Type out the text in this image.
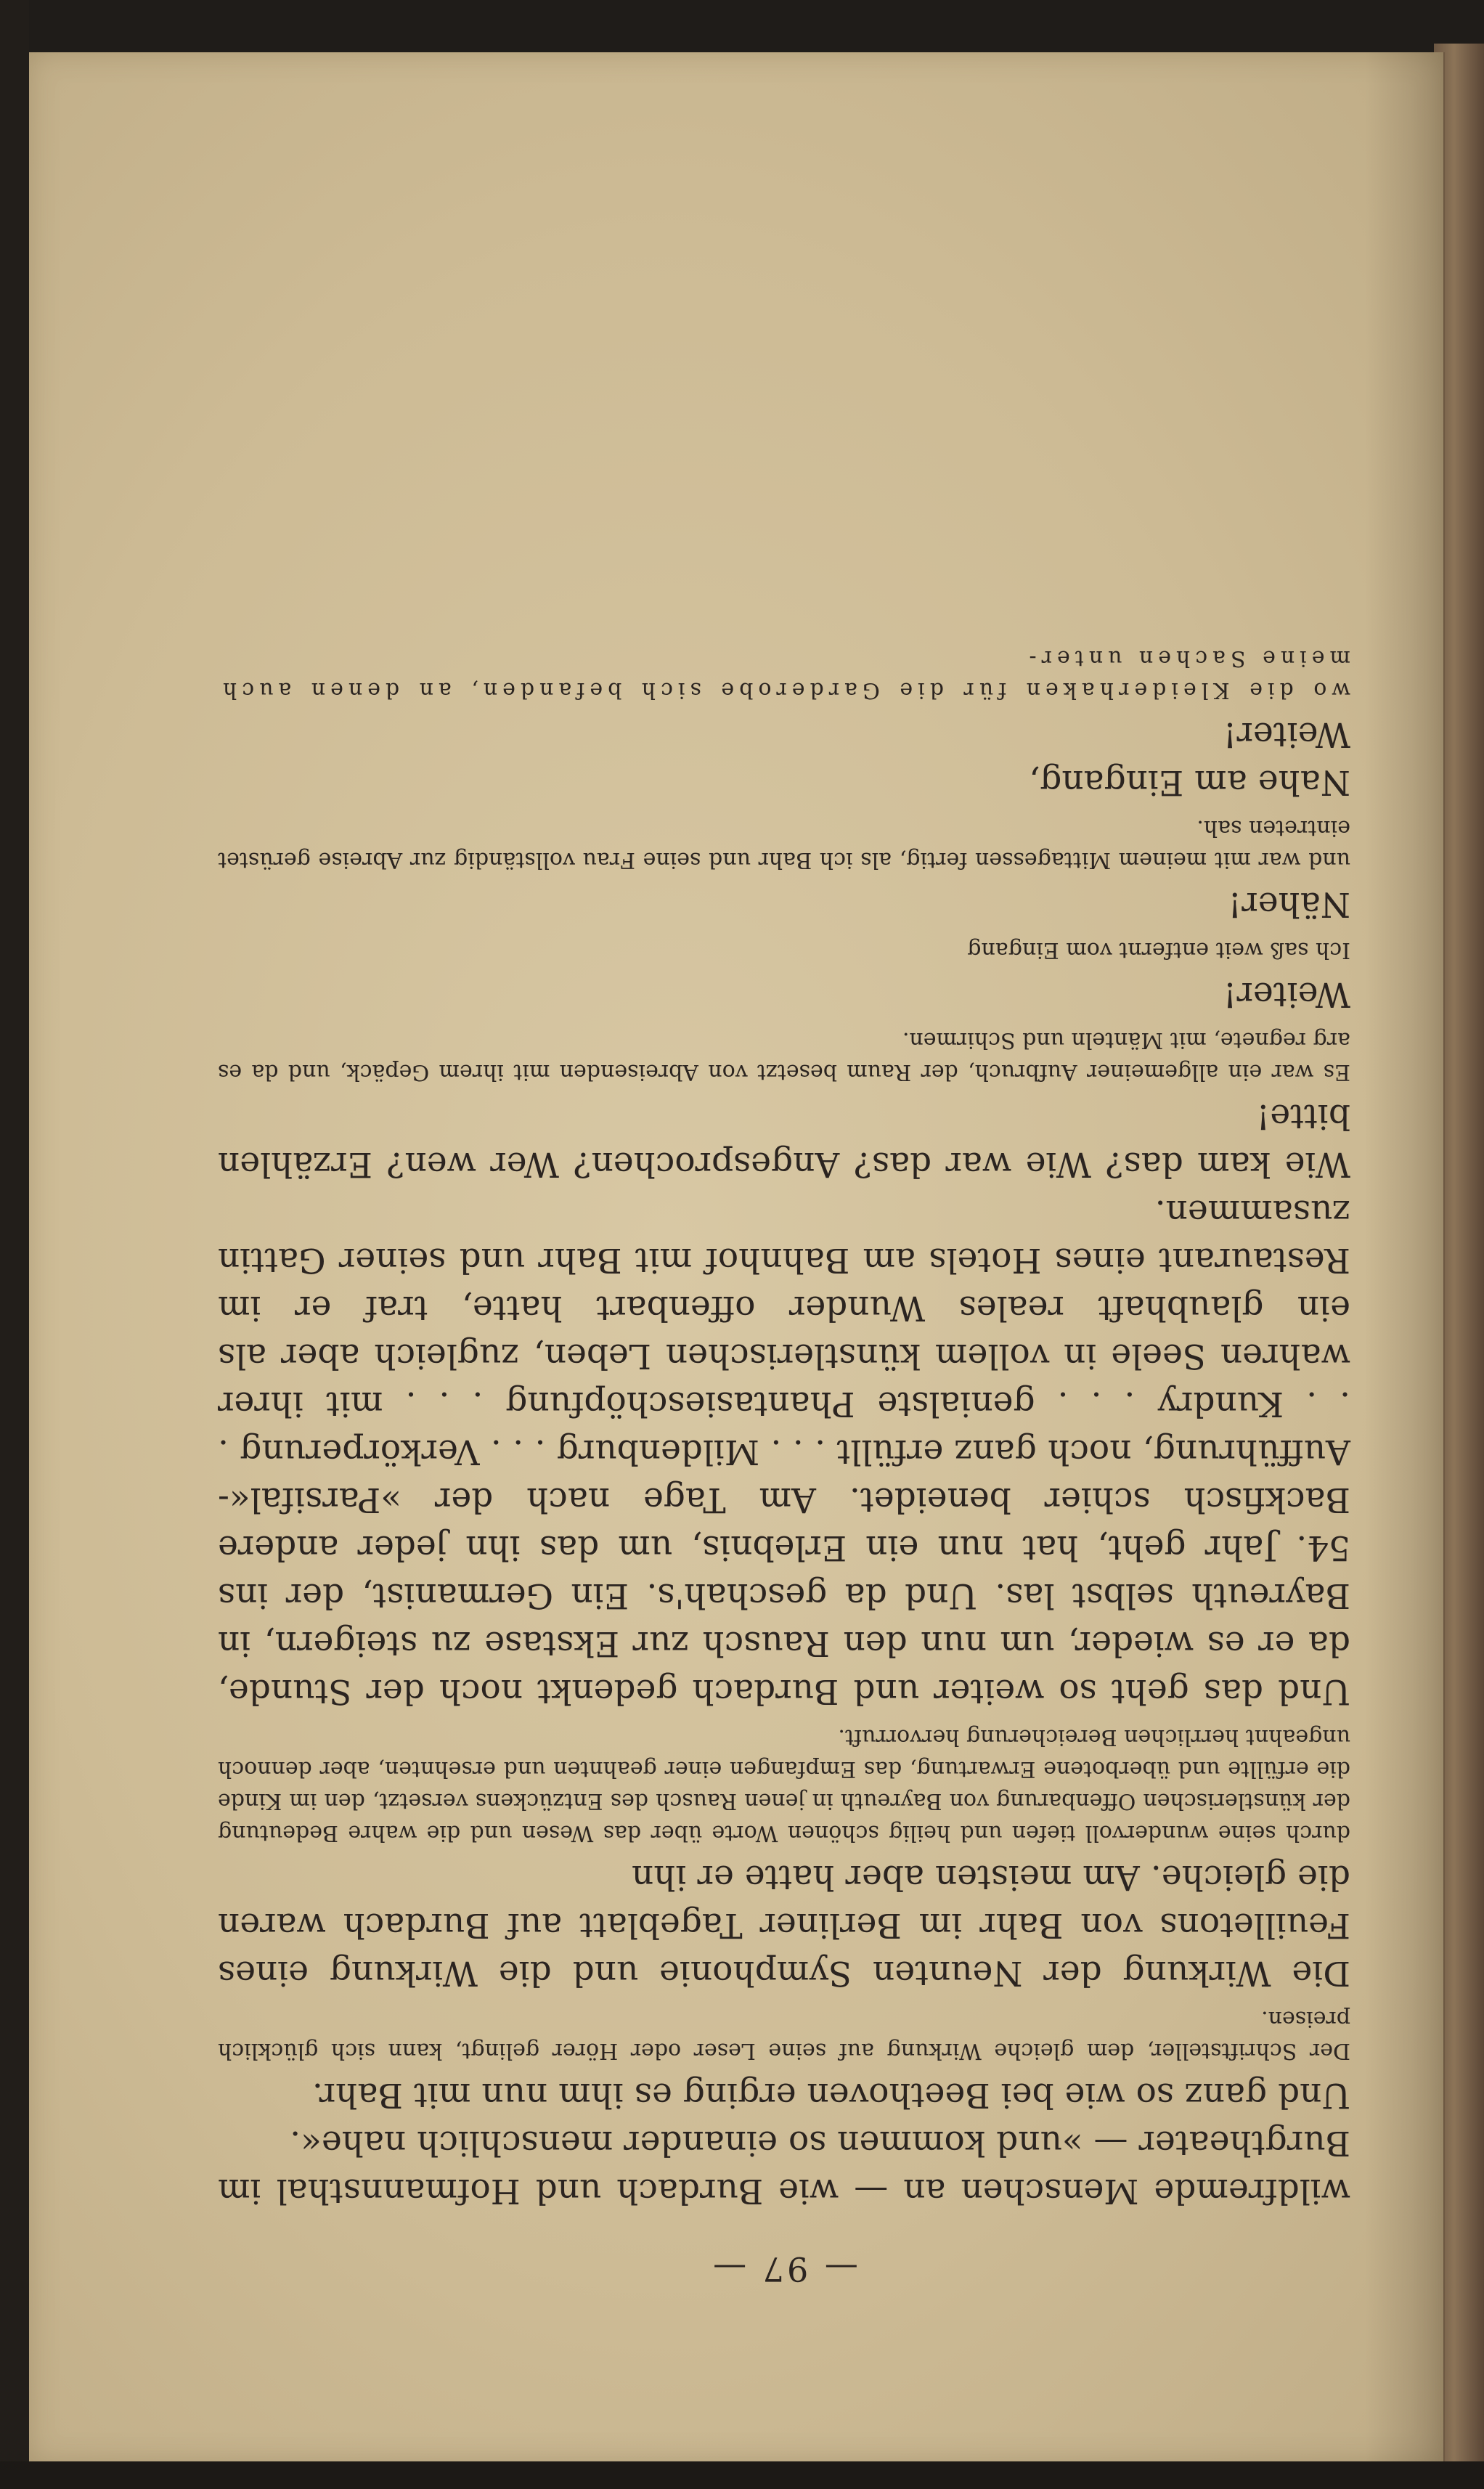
— 97 —

wildfremde Menschen an — wie Burdach und Hofmannsthal im Burgtheater — »und kommen so einander menschlich nahe«.

Und ganz so wie bei Beethoven erging es ihm nun mit Bahr.

Der Schriftsteller, dem gleiche Wirkung auf seine Leser oder Hörer gelingt, kann sich glücklich preisen.

Die Wirkung der Neunten Symphonie und die Wirkung eines Feuilletons von Bahr im Berliner Tageblatt auf Burdach waren die gleiche. Am meisten aber hatte er ihn

durch seine wundervoll tiefen und heilig schönen Worte über das Wesen und die wahre Bedeutung der künstlerischen Offenbarung von Bayreuth in jenen Rausch des Entzückens versetzt, den im Kinde die erfüllte und überbotene Erwartung, das Empfangen einer geahnten und ersehnten, aber dennoch ungeahnt herrlichen Bereicherung hervorruft.

Und das geht so weiter und Burdach gedenkt noch der Stunde, da er es wieder, um nun den Rausch zur Ekstase zu steigern, in Bayreuth selbst las. Und da geschah's. Ein Germanist, der ins 54. Jahr geht, hat nun ein Erlebnis, um das ihn jeder andere Backfisch schier beneidet. Am Tage nach der »Parsifal«-Aufführung, noch ganz erfüllt . . . Mildenburg . . . Verkörperung . . . Kundry . . . genialste Phantasieschöpfung . . . mit ihrer wahren Seele in vollem künstlerischen Leben, zugleich aber als ein glaubhaft reales Wunder offenbart hatte, traf er im Restaurant eines Hotels am Bahnhof mit Bahr und seiner Gattin zusammen.

Wie kam das? Wie war das? Angesprochen? Wer wen? Erzählen bitte!

Es war ein allgemeiner Aufbruch, der Raum besetzt von Abreisenden mit ihrem Gepäck, und da es arg regnete, mit Mänteln und Schirmen.

Weiter!

Ich saß weit entfernt vom Eingang

Näher!

und war mit meinem Mittagessen fertig, als ich Bahr und seine Frau vollständig zur Abreise gerüstet eintreten sah.

Nahe am Eingang,

Weiter!

wo die Kleiderhaken für die Garderobe sich befanden, an denen auch meine Sachen unter-
